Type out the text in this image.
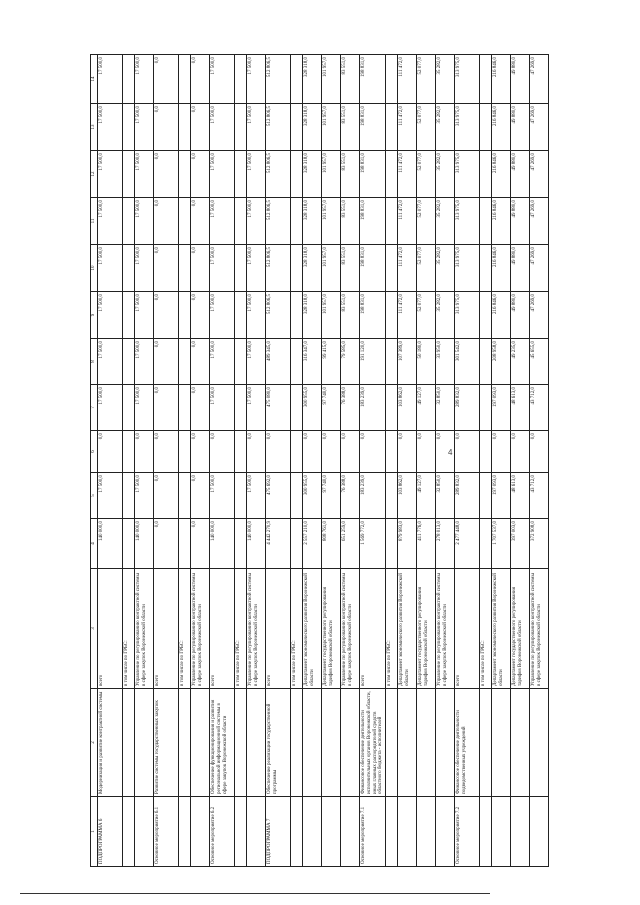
4
1	2	3	4	5	6	7	8	9	10	11	12	13	14
ПОДПРОГРАММА 6	Модернизация и развитие контрактной системы	всего	140 000,0	17 500,0	0,0	17 500,0	17 500,0	17 500,0	17 500,0	17 500,0	17 500,0	17 500,0	17 500,0
		в том числе по ГРБС:											
		Управление по регулированию контрактной системы в сфере закупок Воронежской области	140 000,0	17 500,0	0,0	17 500,0	17 500,0	17 500,0	17 500,0	17 500,0	17 500,0	17 500,0	17 500,0
Основное мероприятие 6.1	Развитие системы государственных закупок	всего	0,0	0,0	0,0	0,0	0,0	0,0	0,0	0,0	0,0	0,0	0,0
		в том числе по ГРБС:											
		Управление по регулированию контрактной системы в сфере закупок Воронежской области	0,0	0,0	0,0	0,0	0,0	0,0	0,0	0,0	0,0	0,0	0,0
Основное мероприятие 6.2	Обеспечение функционирования и развития региональной информационной системы в сфере закупок Воронежской области	всего	140 000,0	17 500,0	0,0	17 500,0	17 500,0	17 500,0	17 500,0	17 500,0	17 500,0	17 500,0	17 500,0
		в том числе по ГРБС:											
		Управление по регулированию контрактной системы в сфере закупок Воронежской области	140 000,0	17 500,0	0,0	17 500,0	17 500,0	17 500,0	17 500,0	17 500,0	17 500,0	17 500,0	17 500,0
ПОДПРОГРАММА 7	Обеспечение реализации государственной программы	всего	4 442 270,9	475 692,0	0,0	475 080,0	489 345,0	512 806,5	512 806,5	512 806,5	512 806,5	512 806,5	512 806,5
		в том числе по ГРБС:											
		Департамент экономического развития Воронежской области	2 557 210,0	300 955,0	0,0	300 955,0	316 347,0	328 318,0	328 318,0	328 318,0	328 318,0	328 318,0	328 318,0
		Департамент государственного регулирования тарифов Воронежской области	808 761,0	97 740,0	0,0	97 740,0	99 415,0	101 957,0	101 957,0	101 957,0	101 957,0	101 957,0	101 957,0
		Управление по регулированию контрактной системы в сфере закупок Воронежской области	651 259,0	76 388,0	0,0	76 388,0	79 585,0	83 551,0	83 551,0	83 551,0	83 551,0	83 551,0	83 551,0
Основное мероприятие 7.1	Финансовое обеспечение деятельности исполнительных органов Воронежской области, иных главных распорядителей средств областного бюджета - исполнителей	всего	1 569 772,0	183 239,0	0,0	183 239,0	191 120,0	198 831,0	198 831,0	198 831,0	198 831,0	198 831,0	198 831,0
		в том числе по ГРБС:											
		Департамент экономического развития Воронежской области	879 983,0	103 862,0	0,0	103 862,0	107 389,0	111 472,0	111 472,0	111 472,0	111 472,0	111 472,0	111 472,0
		Департамент государственного регулирования тарифов Воронежской области	411 776,0	49 127,0	0,0	49 127,0	50 180,0	52 077,0	52 077,0	52 077,0	52 077,0	52 077,0	52 077,0
		Управление по регулированию контрактной системы в сфере закупок Воронежской области	278 013,0	32 850,0	0,0	32 850,0	33 950,0	35 282,0	35 282,0	35 282,0	35 282,0	35 282,0	35 282,0
Основное мероприятие 7.2	Финансовое обеспечение деятельности подведомственных учреждений	всего	2 477 448,0	289 832,0	0,0	289 832,0	301 542,0	313 975,0	313 975,0	313 975,0	313 975,0	313 975,0	313 975,0
		в том числе по ГРБС:											
		Департамент экономического развития Воронежской области	1 707 537,0	197 093,0	0,0	197 093,0	208 958,0	216 846,0	216 846,0	216 846,0	216 846,0	216 846,0	216 846,0
		Департамент государственного регулирования тарифов Воронежской области	397 003,0	48 613,0	0,0	48 613,0	49 235,0	49 880,0	49 880,0	49 880,0	49 880,0	49 880,0	49 880,0
		Управление по регулированию контрактной системы в сфере закупок Воронежской области	372 908,0	43 712,0	0,0	43 712,0	45 655,0	47 269,0	47 269,0	47 269,0	47 269,0	47 269,0	47 269,0
